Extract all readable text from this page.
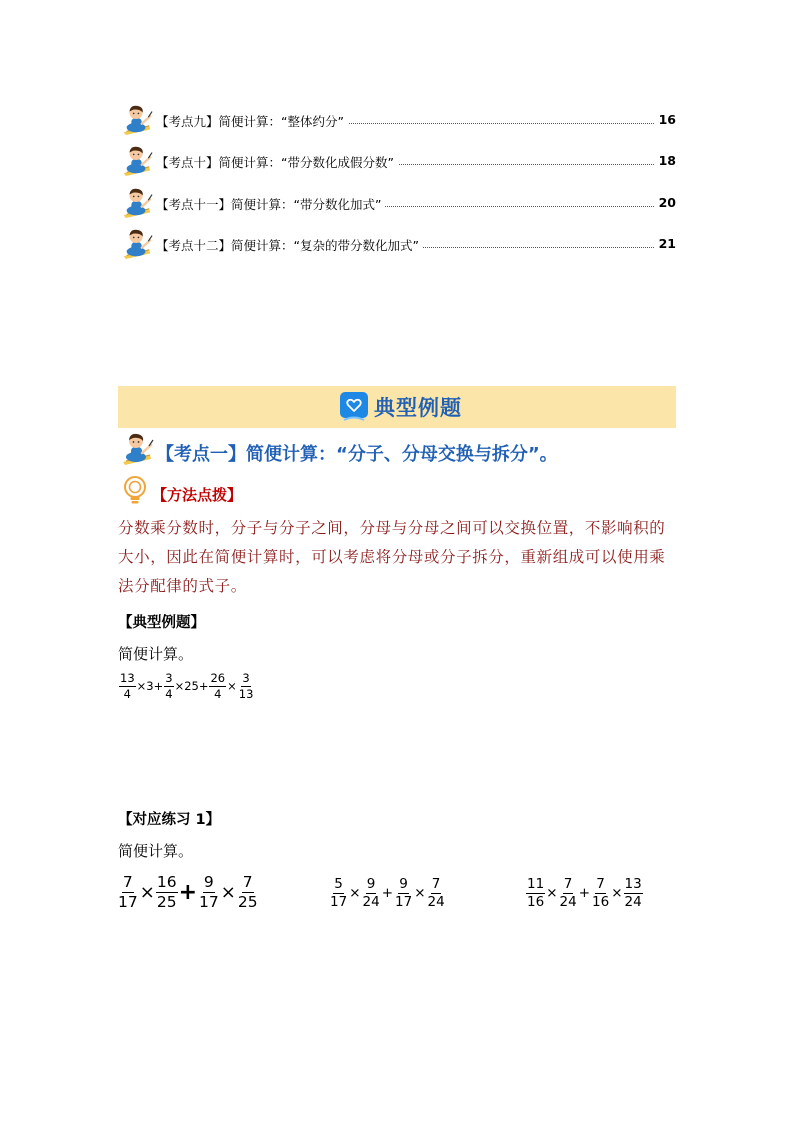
【考点九】简便计算：“整体约分”	16
【考点十】简便计算：“带分数化成假分数”	18
【考点十一】简便计算：“带分数化加式”	20
【考点十二】简便计算：“复杂的带分数化加式”	21
典型例题
【考点一】简便计算：“分子、分母交换与拆分”。
【方法点拨】
分数乘分数时，分子与分子之间，分母与分母之间可以交换位置，不影响积的大小，因此在简便计算时，可以考虑将分母或分子拆分，重新组成可以使用乘法分配律的式子。
【典型例题】
简便计算。
$\frac{13}{4} \times 3+ \frac{3}{4} \times 25+ \frac{26}{4} \times \frac{3}{13}$
【对应练习 1】
简便计算。
$\frac{7}{17} \times \frac{16}{25} + \frac{9}{17} \times \frac{7}{25}$	$\frac{5}{17} \times \frac{9}{24} + \frac{9}{17} \times \frac{7}{24}$	$\frac{11}{16} \times \frac{7}{24} + \frac{7}{16} \times \frac{13}{24}$
